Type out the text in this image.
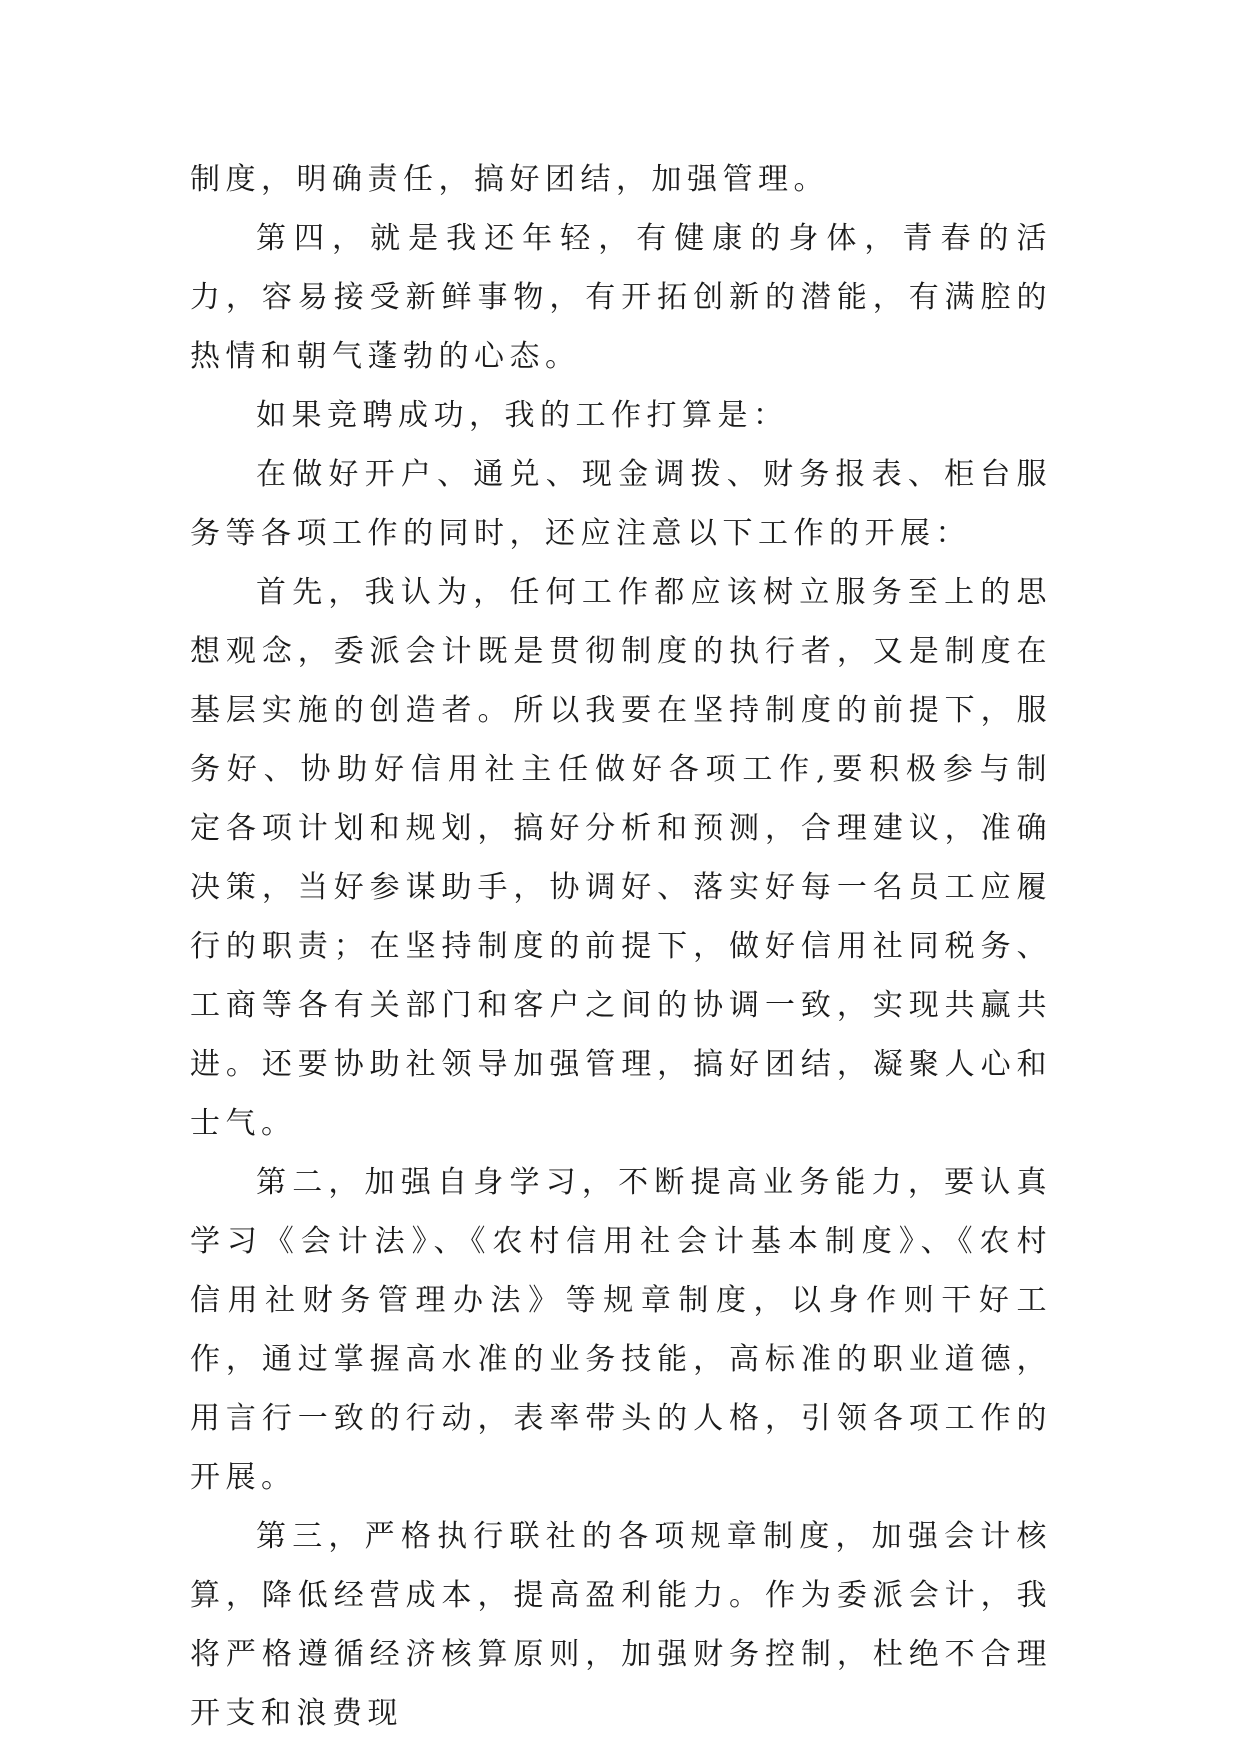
制度，明确责任，搞好团结，加强管理。

第四，就是我还年轻，有健康的身体，青春的活力，容易接受新鲜事物，有开拓创新的潜能，有满腔的热情和朝气蓬勃的心态。

如果竞聘成功，我的工作打算是：

在做好开户、通兑、现金调拨、财务报表、柜台服务等各项工作的同时，还应注意以下工作的开展：

首先，我认为，任何工作都应该树立服务至上的思想观念，委派会计既是贯彻制度的执行者，又是制度在基层实施的创造者。所以我要在坚持制度的前提下，服务好、协助好信用社主任做好各项工作,要积极参与制定各项计划和规划，搞好分析和预测，合理建议，准确决策，当好参谋助手，协调好、落实好每一名员工应履行的职责；在坚持制度的前提下，做好信用社同税务、工商等各有关部门和客户之间的协调一致，实现共赢共进。还要协助社领导加强管理，搞好团结，凝聚人心和士气。

第二，加强自身学习，不断提高业务能力，要认真学习《会计法》、《农村信用社会计基本制度》、《农村信用社财务管理办法》等规章制度，以身作则干好工作，通过掌握高水准的业务技能，高标准的职业道德，用言行一致的行动，表率带头的人格，引领各项工作的开展。

第三，严格执行联社的各项规章制度，加强会计核算，降低经营成本，提高盈利能力。作为委派会计，我将严格遵循经济核算原则，加强财务控制，杜绝不合理开支和浪费现
